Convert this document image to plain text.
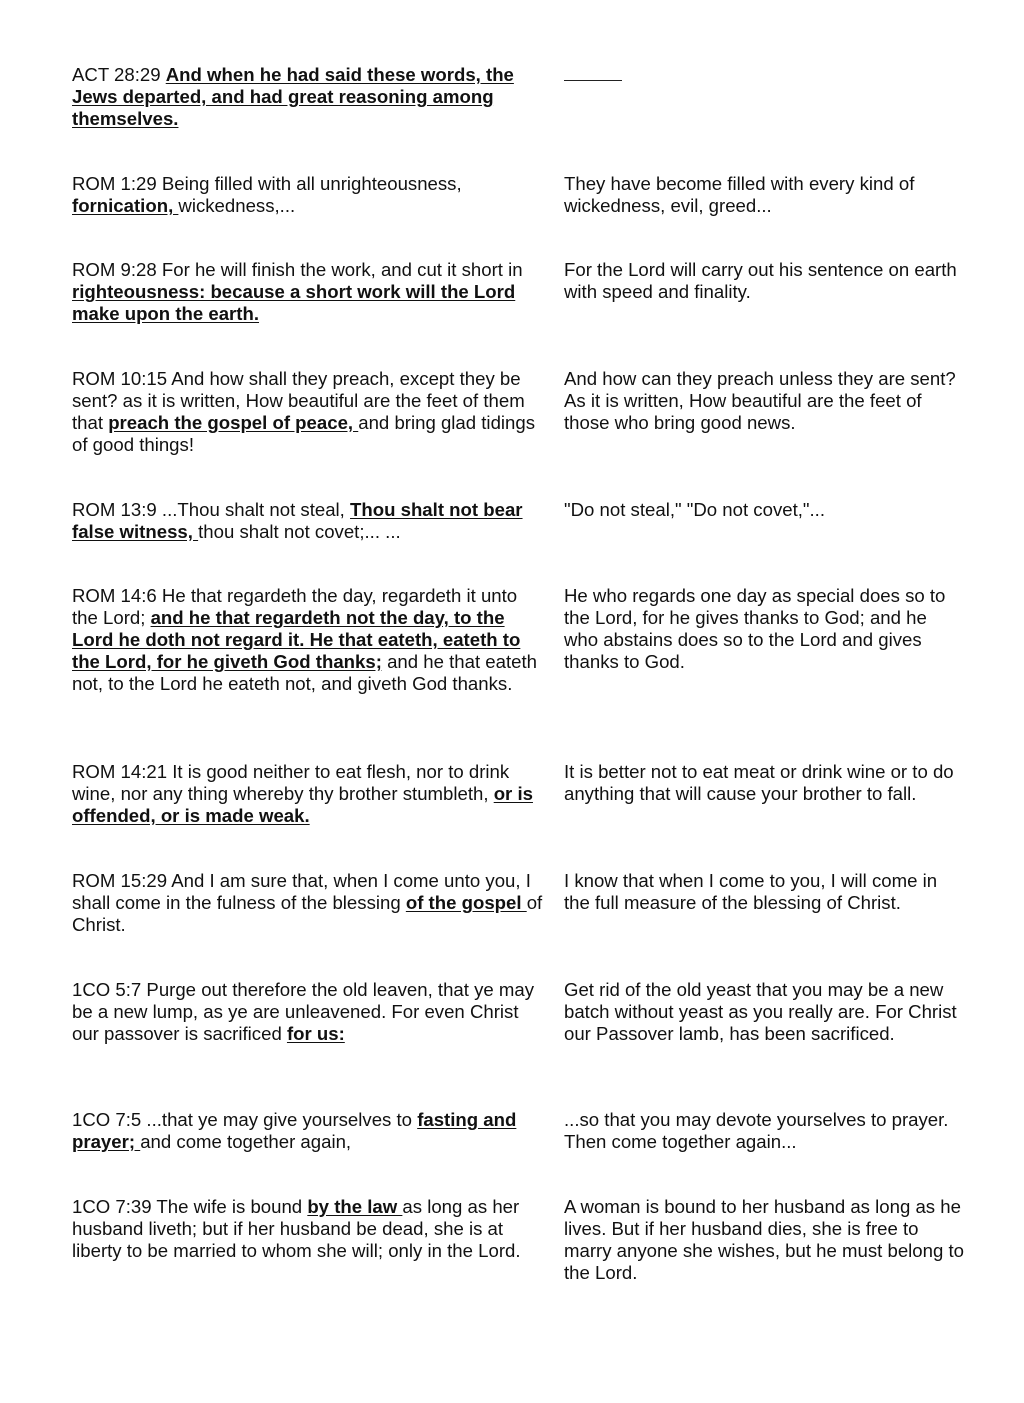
ACT 28:29 And when he had said these words, the Jews departed, and had great reasoning among themselves.
ROM 1:29 Being filled with all unrighteousness, fornication, wickedness,...
They have become filled with every kind of wickedness, evil, greed...
ROM 9:28 For he will finish the work, and cut it short in righteousness: because a short work will the Lord make upon the earth.
For the Lord will carry out his sentence on earth with speed and finality.
ROM 10:15 And how shall they preach, except they be sent? as it is written, How beautiful are the feet of them that preach the gospel of peace, and bring glad tidings of good things!
And how can they preach unless they are sent? As it is written, How beautiful are the feet of those who bring good news.
ROM 13:9 ...Thou shalt not steal, Thou shalt not bear false witness, thou shalt not covet;... ...
"Do not steal," "Do not covet,"...
ROM 14:6 He that regardeth the day, regardeth it unto the Lord; and he that regardeth not the day, to the Lord he doth not regard it. He that eateth, eateth to the Lord, for he giveth God thanks; and he that eateth not, to the Lord he eateth not, and giveth God thanks.
He who regards one day as special does so to the Lord, for he gives thanks to God; and he who abstains does so to the Lord and gives thanks to God.
ROM 14:21 It is good neither to eat flesh, nor to drink wine, nor any thing whereby thy brother stumbleth, or is offended, or is made weak.
It is better not to eat meat or drink wine or to do anything that will cause your brother to fall.
ROM 15:29 And I am sure that, when I come unto you, I shall come in the fulness of the blessing of the gospel of Christ.
I know that when I come to you, I will come in the full measure of the blessing of Christ.
1CO 5:7 Purge out therefore the old leaven, that ye may be a new lump, as ye are unleavened. For even Christ our passover is sacrificed for us:
Get rid of the old yeast that you may be a new batch without yeast as you really are. For Christ our Passover lamb, has been sacrificed.
1CO 7:5 ...that ye may give yourselves to fasting and prayer; and come together again,
...so that you may devote yourselves to prayer. Then come together again...
1CO 7:39 The wife is bound by the law as long as her husband liveth; but if her husband be dead, she is at liberty to be married to whom she will; only in the Lord.
A woman is bound to her husband as long as he lives. But if her husband dies, she is free to marry anyone she wishes, but he must belong to the Lord.
